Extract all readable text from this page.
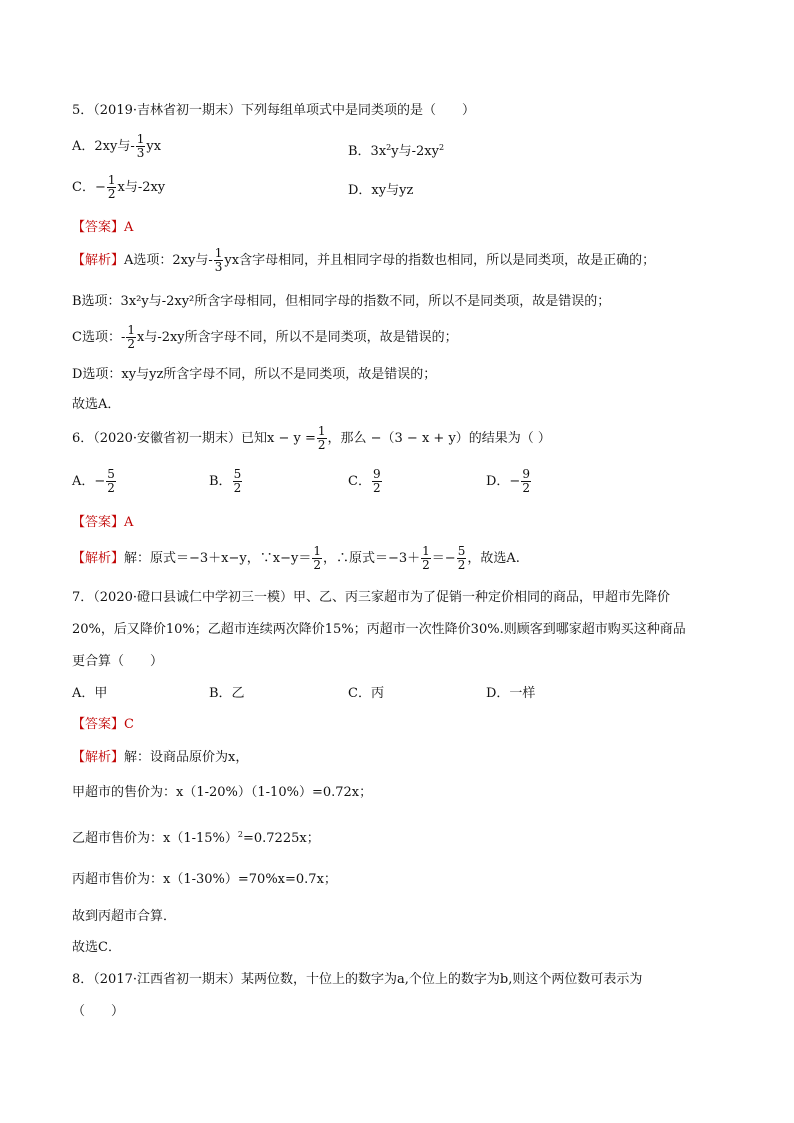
5．（2019·吉林省初一期末）下列每组单项式中是同类项的是（　　）
A．2xy与- $\frac{1}{3}$ yx	B．$3x^2y$与$-2xy^2$
C．− $\frac{1}{2}$ x与-2xy	D．xy与yz
【答案】A
【解析】A选项：2xy与- $\frac{1}{3}$ yx含字母相同，并且相同字母的指数也相同，所以是同类项，故是正确的；
B选项：3x²y与-2xy²所含字母相同，但相同字母的指数不同，所以不是同类项，故是错误的；
C选项：- $\frac{1}{2}$ x与-2xy所含字母不同，所以不是同类项，故是错误的；
D选项：xy与yz所含字母不同，所以不是同类项，故是错误的；
故选A．
6．（2020·安徽省初一期末）已知$x - y = \frac{1}{2}$ ，那么 −（3 − x + y）的结果为（ ）
A．− $\frac{5}{2}$	B． $\frac{5}{2}$	C． $\frac{9}{2}$	D．− $\frac{9}{2}$
【答案】A
【解析】解：原式＝−3＋x−y，∵x−y＝ $\frac{1}{2}$ ，∴原式$=-3+ \frac{1}{2} =- \frac{5}{2}$ ，故选A.
7．（2020·磴口县诚仁中学初三一模）甲、乙、丙三家超市为了促销一种定价相同的商品，甲超市先降价
20%，后又降价10%；乙超市连续两次降价15%；丙超市一次性降价30%.则顾客到哪家超市购买这种商品
更合算（　　）
A．甲	B．乙	C．丙	D．一样
【答案】C
【解析】解：设商品原价为x，
甲超市的售价为：x（1-20%）（1-10%）=0.72x；
乙超市售价为：$x(1-15\%)^2=0.7225x$；
丙超市售价为：x（1-30%）=70%x=0.7x；
故到丙超市合算．
故选C．
8．（2017·江西省初一期末）某两位数，十位上的数字为a,个位上的数字为b,则这个两位数可表示为
（　　）
